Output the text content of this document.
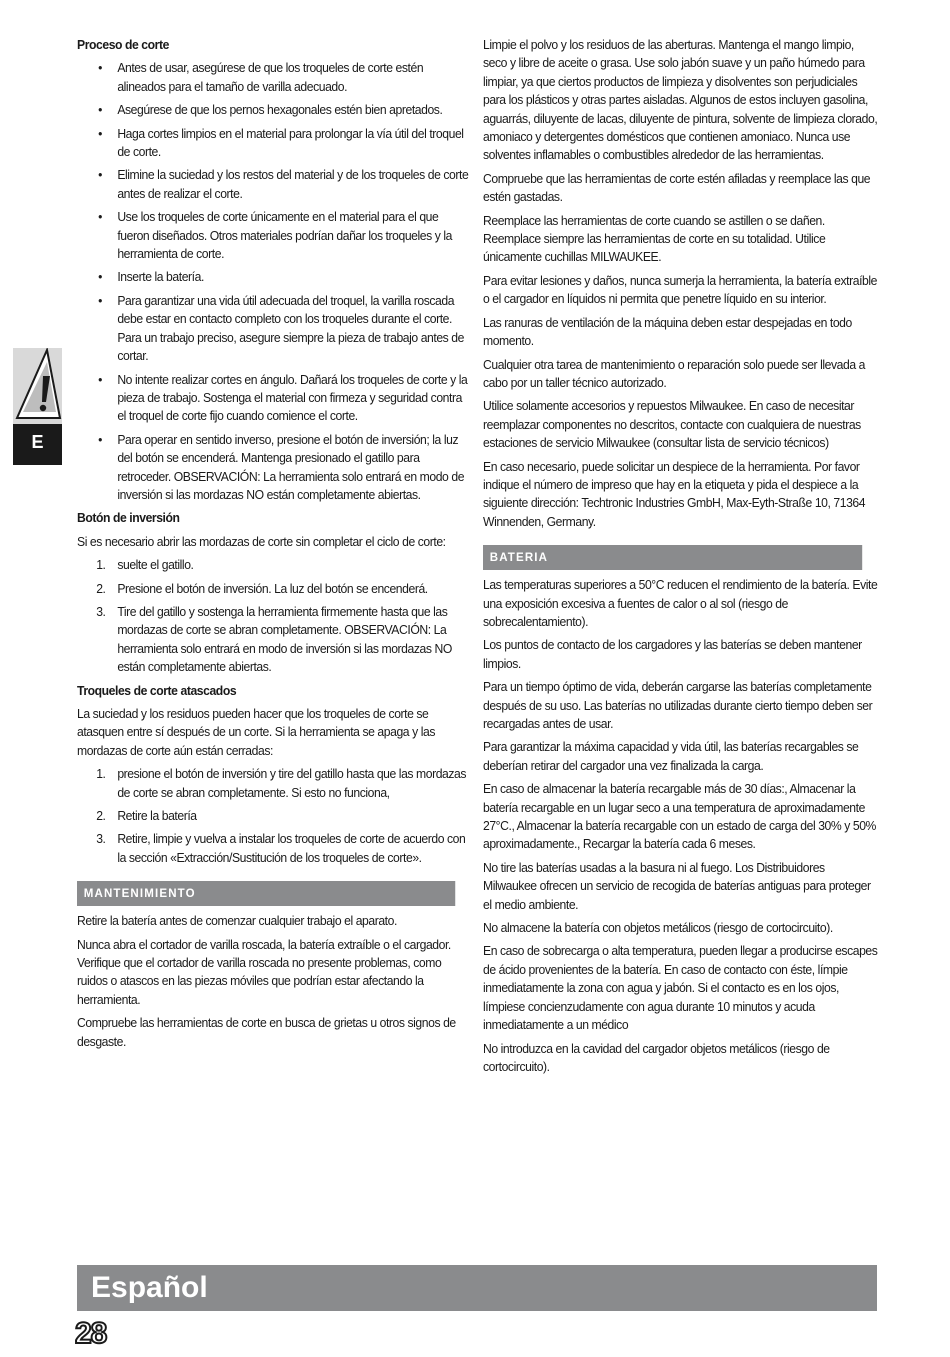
E
Proceso de corte
• Antes de usar, asegúrese de que los troqueles de corte estén alineados para el tamaño de varilla adecuado.
• Asegúrese de que los pernos hexagonales estén bien apretados.
• Haga cortes limpios en el material para prolongar la vía útil del troquel de corte.
• Elimine la suciedad y los restos del material y de los troqueles de corte antes de realizar el corte.
• Use los troqueles de corte únicamente en el material para el que fueron diseñados. Otros materiales podrían dañar los troqueles y la herramienta de corte.
• Inserte la batería.
• Para garantizar una vida útil adecuada del troquel, la varilla roscada debe estar en contacto completo con los troqueles durante el corte. Para un trabajo preciso, asegure siempre la pieza de trabajo antes de cortar.
• No intente realizar cortes en ángulo. Dañará los troqueles de corte y la pieza de trabajo. Sostenga el material con firmeza y seguridad contra el troquel de corte fijo cuando comience el corte.
• Para operar en sentido inverso, presione el botón de inversión; la luz del botón se encenderá. Mantenga presionado el gatillo para retroceder. OBSERVACIÓN: La herramienta solo entrará en modo de inversión si las mordazas NO están completamente abiertas.
Botón de inversión

Si es necesario abrir las mordazas de corte sin completar el ciclo de corte:

1. suelte el gatillo.
2. Presione el botón de inversión. La luz del botón se encenderá.
3. Tire del gatillo y sostenga la herramienta firmemente hasta que las mordazas de corte se abran completamente. OBSERVACIÓN: La herramienta solo entrará en modo de inversión si las mordazas NO están completamente abiertas.
Troqueles de corte atascados

La suciedad y los residuos pueden hacer que los troqueles de corte se atasquen entre sí después de un corte. Si la herramienta se apaga y las mordazas de corte aún están cerradas:

1. presione el botón de inversión y tire del gatillo hasta que las mordazas de corte se abran completamente. Si esto no funciona,
2. Retire la batería
3. Retire, limpie y vuelva a instalar los troqueles de corte de acuerdo con la sección «Extracción/Sustitución de los troqueles de corte».
MANTENIMIENTO

Retire la batería antes de comenzar cualquier trabajo el aparato.

Nunca abra el cortador de varilla roscada, la batería extraíble o el cargador. Verifique que el cortador de varilla roscada no presente problemas, como ruidos o atascos en las piezas móviles que podrían estar afectando la herramienta.

Compruebe las herramientas de corte en busca de grietas u otros signos de desgaste.

Limpie el polvo y los residuos de las aberturas. Mantenga el mango limpio, seco y libre de aceite o grasa. Use solo jabón suave y un paño húmedo para limpiar, ya que ciertos productos de limpieza y disolventes son perjudiciales para los plásticos y otras partes aisladas. Algunos de estos incluyen gasolina, aguarrás, diluyente de lacas, diluyente de pintura, solvente de limpieza clorado, amoniaco y detergentes domésticos que contienen amoniaco. Nunca use solventes inflamables o combustibles alrededor de las herramientas.

Compruebe que las herramientas de corte estén afiladas y reemplace las que estén gastadas.

Reemplace las herramientas de corte cuando se astillen o se dañen. Reemplace siempre las herramientas de corte en su totalidad. Utilice únicamente cuchillas MILWAUKEE.

Para evitar lesiones y daños, nunca sumerja la herramienta, la batería extraíble o el cargador en líquidos ni permita que penetre líquido en su interior.

Las ranuras de ventilación de la máquina deben estar despejadas en todo momento.

Cualquier otra tarea de mantenimiento o reparación solo puede ser llevada a cabo por un taller técnico autorizado.

Utilice solamente accesorios y repuestos Milwaukee. En caso de necesitar reemplazar componentes no descritos, contacte con cualquiera de nuestras estaciones de servicio Milwaukee (consultar lista de servicio técnicos)

En caso necesario, puede solicitar un despiece de la herramienta. Por favor indique el número de impreso que hay en la etiqueta y pida el despiece a la siguiente dirección: Techtronic Industries GmbH, Max-Eyth-Straße 10, 71364 Winnenden, Germany.

BATERIA

Las temperaturas superiores a 50°C reducen el rendimiento de la batería. Evite una exposición excesiva a fuentes de calor o al sol (riesgo de sobrecalentamiento).

Los puntos de contacto de los cargadores y las baterías se deben mantener limpios.

Para un tiempo óptimo de vida, deberán cargarse las baterías completamente después de su uso. Las baterías no utilizadas durante cierto tiempo deben ser recargadas antes de usar.

Para garantizar la máxima capacidad y vida útil, las baterías recargables se deberían retirar del cargador una vez finalizada la carga.

En caso de almacenar la batería recargable más de 30 días:, Almacenar la batería recargable en un lugar seco a una temperatura de aproximadamente 27°C., Almacenar la batería recargable con un estado de carga del 30% y 50% aproximadamente., Recargar la batería cada 6 meses.

No tire las baterías usadas a la basura ni al fuego. Los Distribuidores Milwaukee ofrecen un servicio de recogida de baterías antiguas para proteger el medio ambiente.

No almacene la batería con objetos metálicos (riesgo de cortocircuito).

En caso de sobrecarga o alta temperatura, pueden llegar a producirse escapes de ácido provenientes de la batería. En caso de contacto con éste, límpie inmediatamente la zona con agua y jabón. Si el contacto es en los ojos, límpiese concienzudamente con agua durante 10 minutos y acuda inmediatamente a un médico

No introduzca en la cavidad del cargador objetos metálicos (riesgo de cortocircuito).

Español
28
